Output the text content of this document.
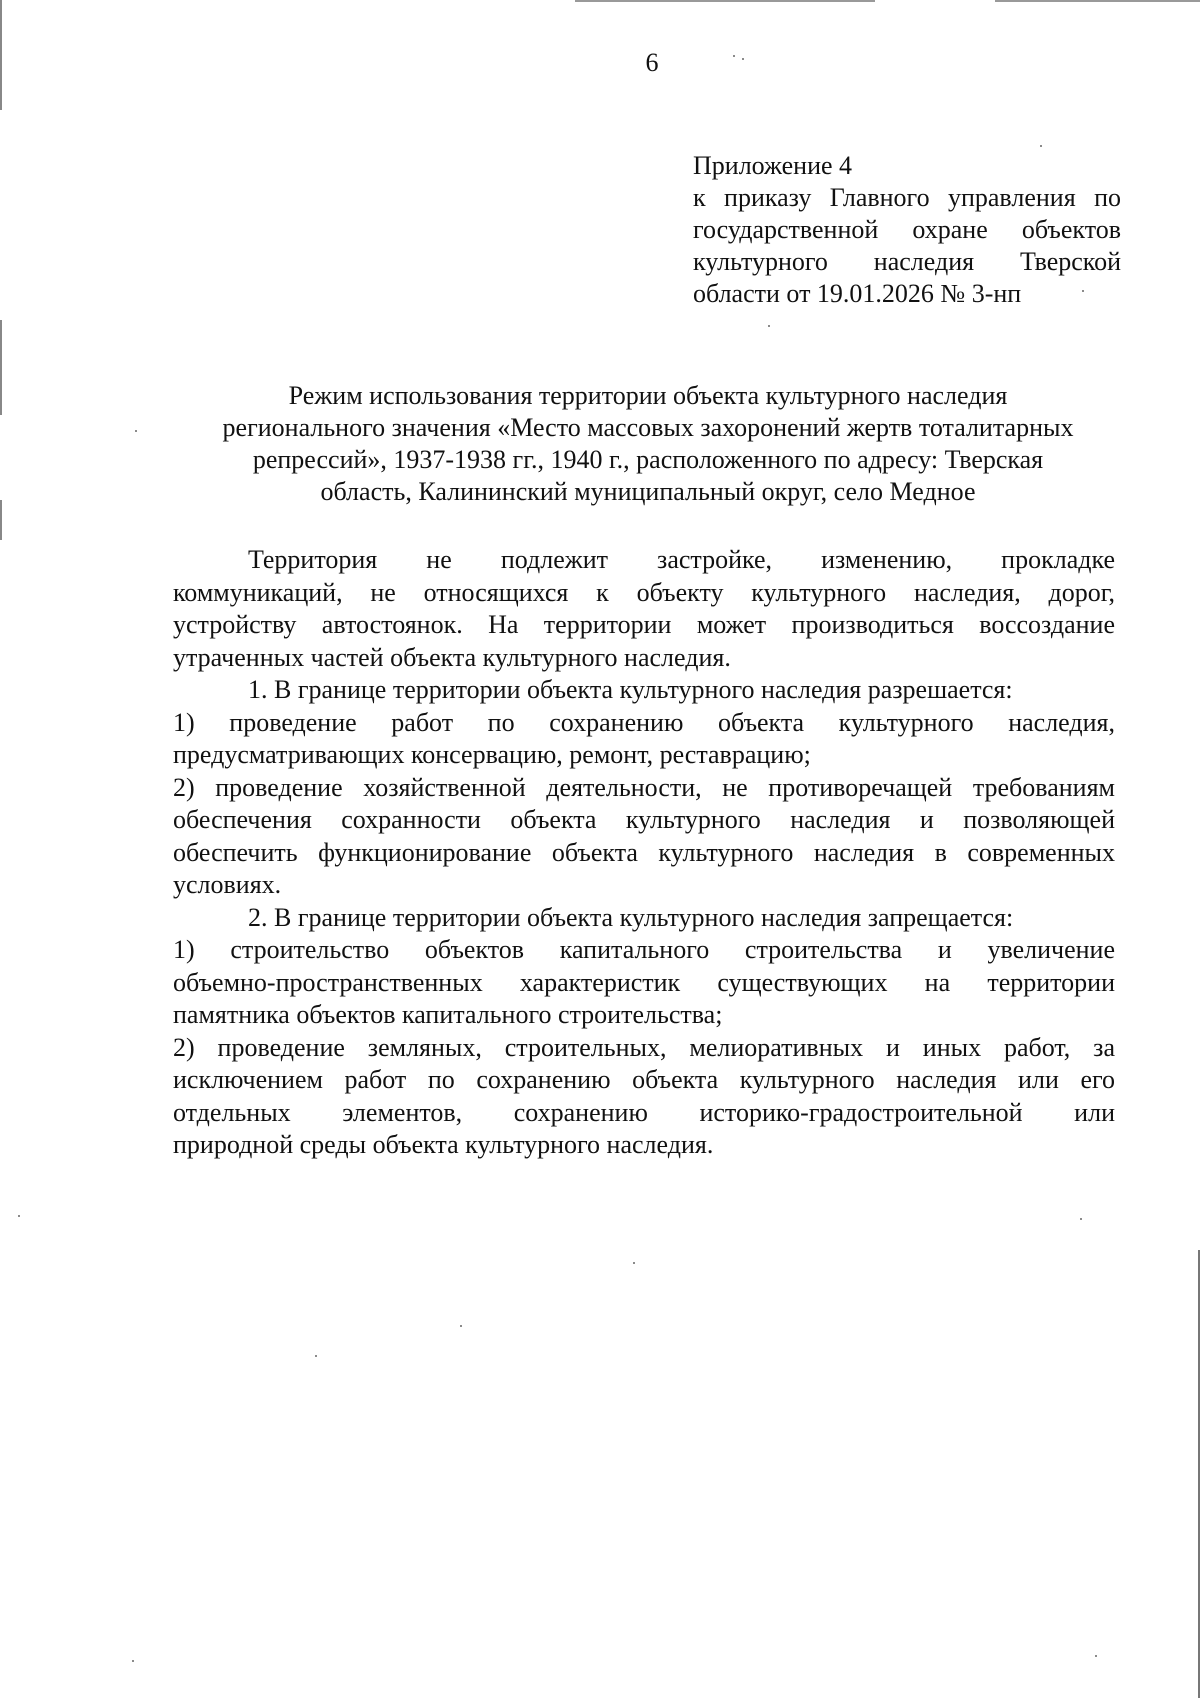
6
Приложение 4
к приказу Главного управления по
государственной охране объектов
культурного наследия Тверской
области от 19.01.2026 № 3-нп
Режим использования территории объекта культурного наследия
регионального значения «Место массовых захоронений жертв тоталитарных
репрессий», 1937-1938 гг., 1940 г., расположенного по адресу: Тверская
область, Калининский муниципальный округ, село Медное
Территория не подлежит застройке, изменению, прокладке
коммуникаций, не относящихся к объекту культурного наследия, дорог,
устройству автостоянок. На территории может производиться воссоздание
утраченных частей объекта культурного наследия.
1. В границе территории объекта культурного наследия разрешается:
1) проведение работ по сохранению объекта культурного наследия,
предусматривающих консервацию, ремонт, реставрацию;
2) проведение хозяйственной деятельности, не противоречащей требованиям
обеспечения сохранности объекта культурного наследия и позволяющей
обеспечить функционирование объекта культурного наследия в современных
условиях.
2. В границе территории объекта культурного наследия запрещается:
1) строительство объектов капитального строительства и увеличение
объемно-пространственных характеристик существующих на территории
памятника объектов капитального строительства;
2) проведение земляных, строительных, мелиоративных и иных работ, за
исключением работ по сохранению объекта культурного наследия или его
отдельных элементов, сохранению историко-градостроительной или
природной среды объекта культурного наследия.
